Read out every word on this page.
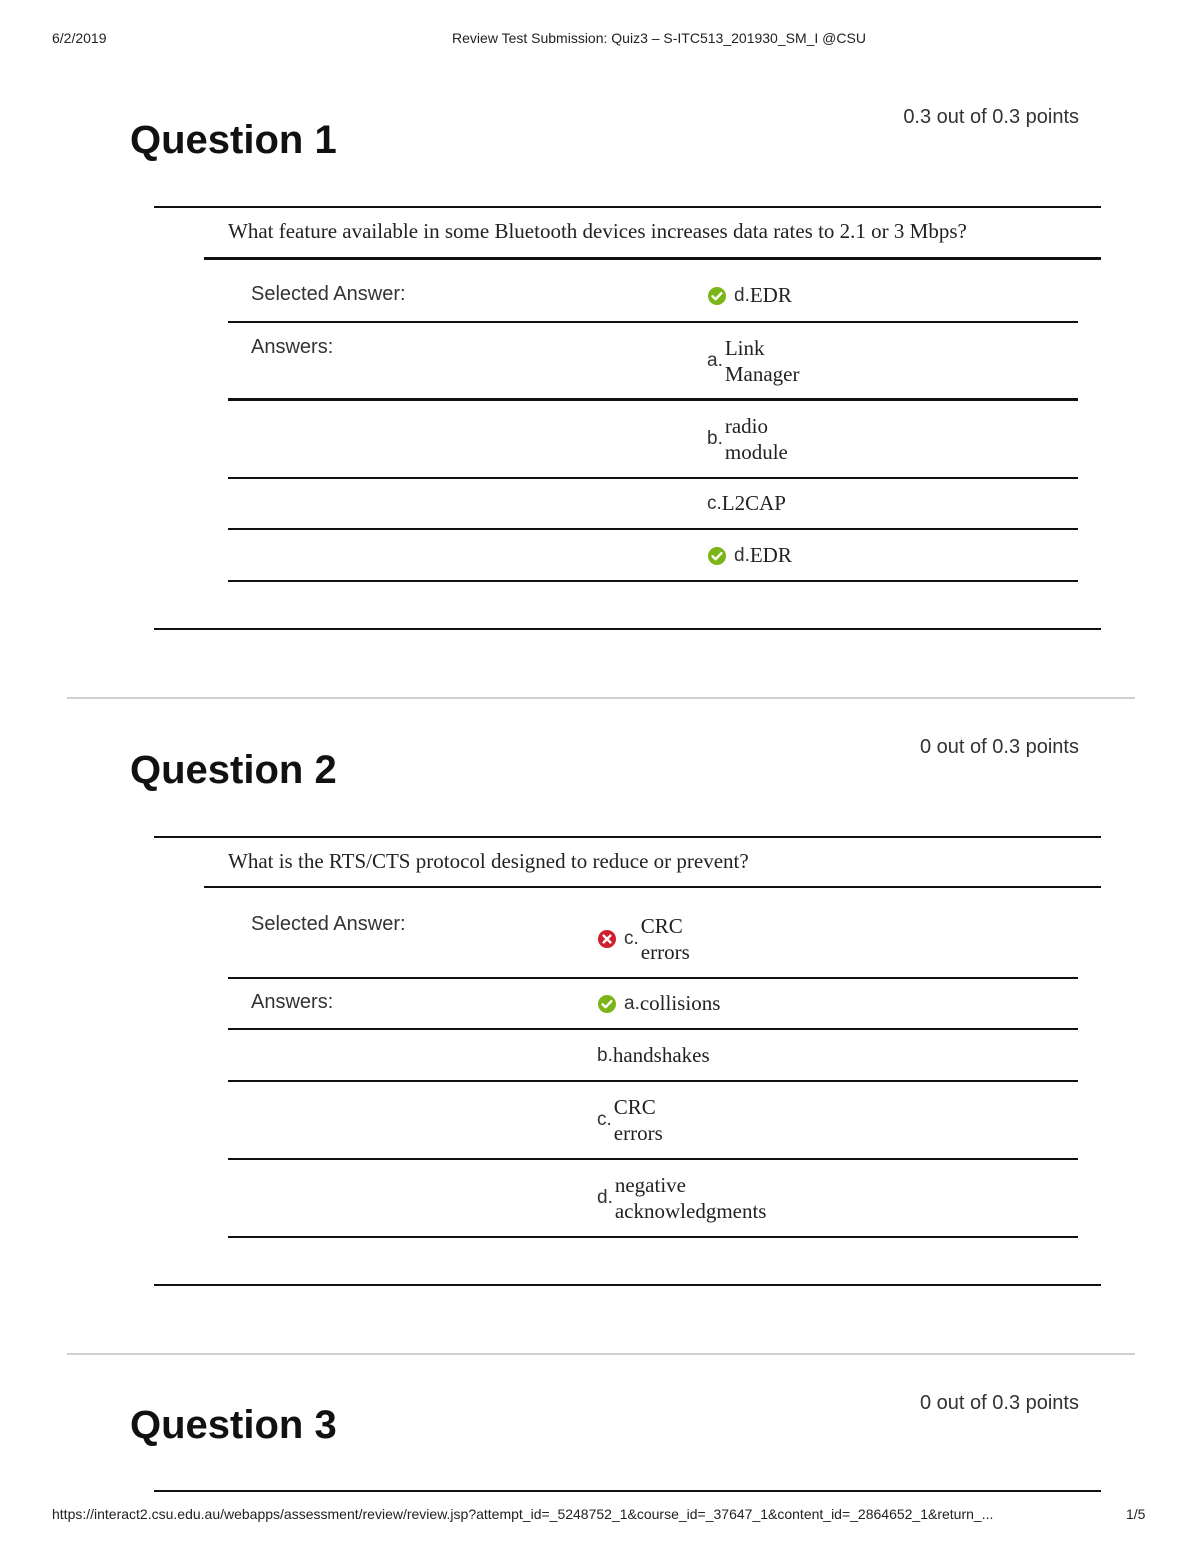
6/2/2019	Review Test Submission: Quiz3 – S-ITC513_201930_SM_I @CSU
Question 1
0.3 out of 0.3 points
What feature available in some Bluetooth devices increases data rates to 2.1 or 3 Mbps?
Selected Answer:	d. EDR
Answers:
a.
Link
Manager
b.
radio
module
c. L2CAP
d. EDR
Question 2
0 out of 0.3 points
What is the RTS/CTS protocol designed to reduce or prevent?
Selected Answer:
c.
CRC
errors
Answers:	a. collisions
b. handshakes
c.
CRC
errors
d.
negative
acknowledgments
Question 3	0 out of 0.3 points
https://interact2.csu.edu.au/webapps/assessment/review/review.jsp?attempt_id=_5248752_1&course_id=_37647_1&content_id=_2864652_1&return_...	1/5
